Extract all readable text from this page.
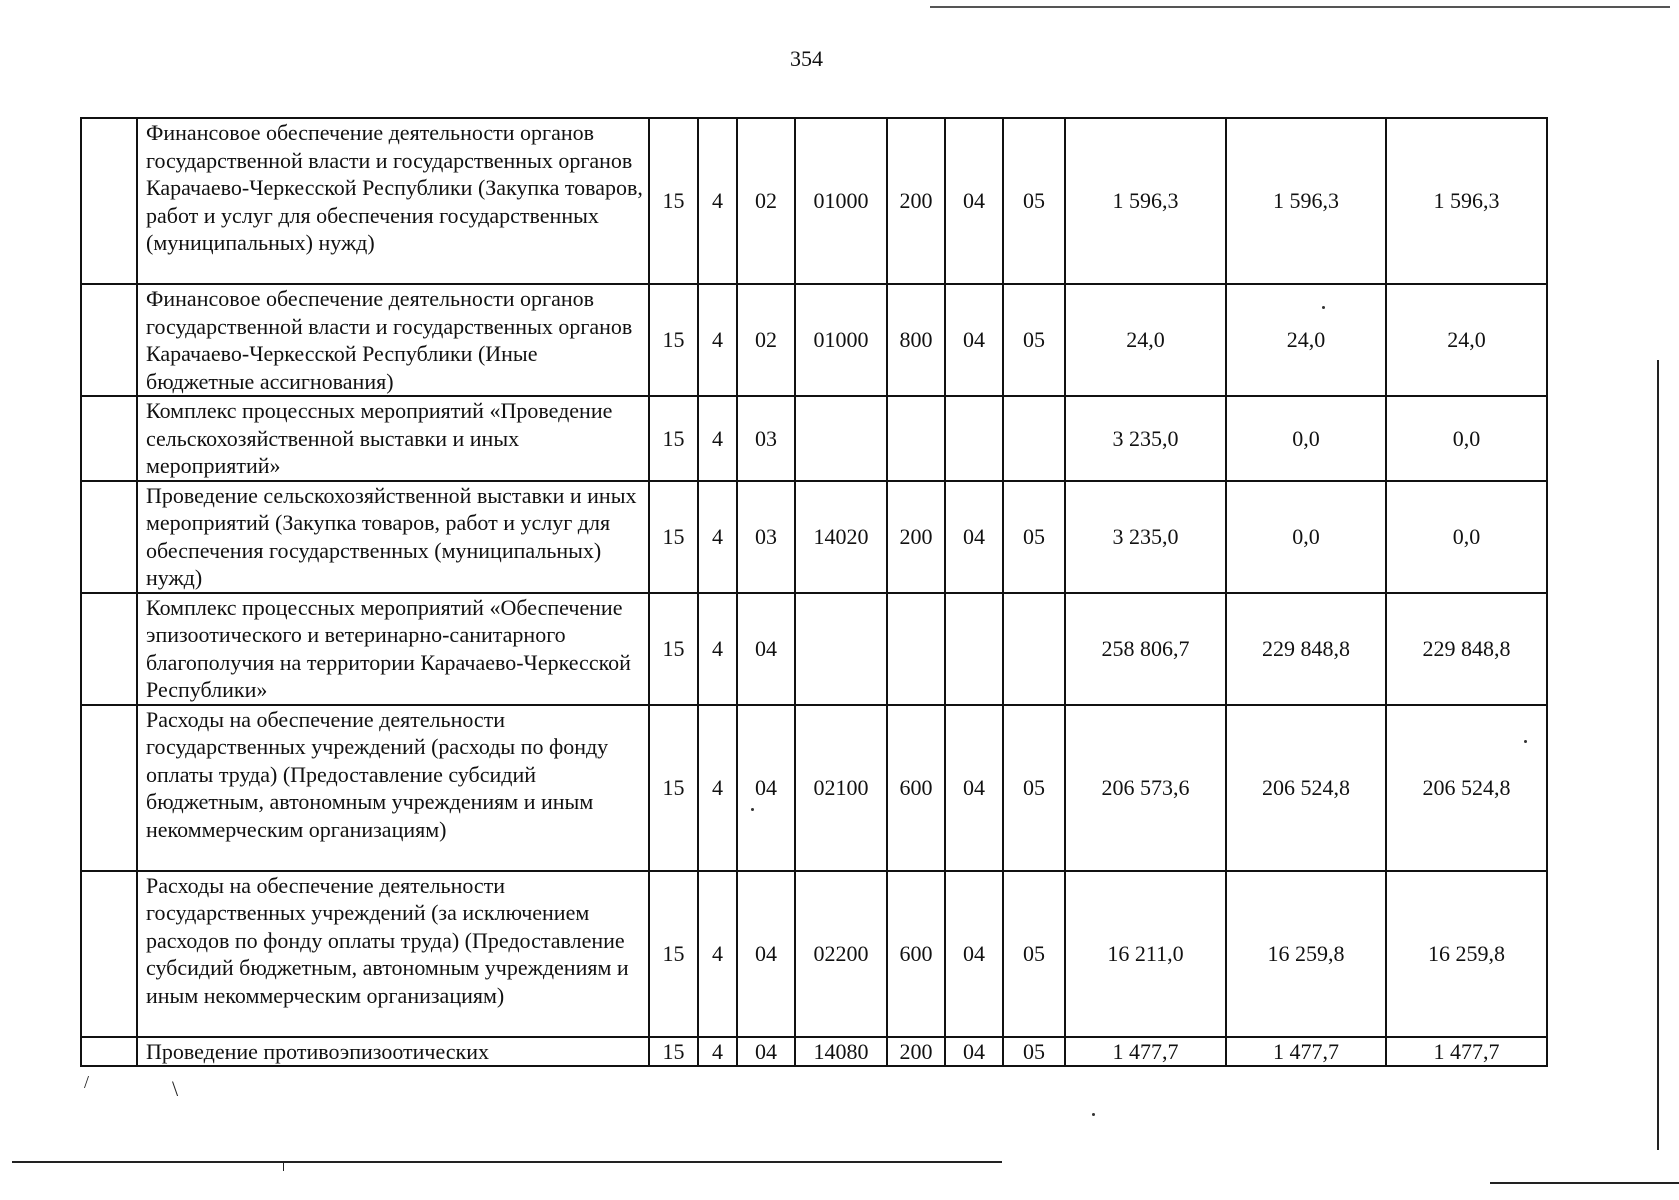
354
	Финансовое обеспечение деятельности органов государственной власти и государственных органов Карачаево-Черкесской Республики (Закупка товаров, работ и услуг для обеспечения государственных (муниципальных) нужд)	15	4	02	01000	200	04	05	1 596,3	1 596,3	1 596,3
	Финансовое обеспечение деятельности органов государственной власти и государственных органов Карачаево-Черкесской Республики (Иные бюджетные ассигнования)	15	4	02	01000	800	04	05	24,0	24,0	24,0
	Комплекс процессных мероприятий «Проведение сельскохозяйственной выставки и иных мероприятий»	15	4	03					3 235,0	0,0	0,0
	Проведение сельскохозяйственной выставки и иных мероприятий (Закупка товаров, работ и услуг для обеспечения государственных (муниципальных) нужд)	15	4	03	14020	200	04	05	3 235,0	0,0	0,0
	Комплекс процессных мероприятий «Обеспечение эпизоотического и ветеринарно-санитарного благополучия на территории Карачаево-Черкесской Республики»	15	4	04					258 806,7	229 848,8	229 848,8
	Расходы на обеспечение деятельности государственных учреждений (расходы по фонду оплаты труда) (Предоставление субсидий бюджетным, автономным учреждениям и иным некоммерческим организациям)	15	4	04	02100	600	04	05	206 573,6	206 524,8	206 524,8
	Расходы на обеспечение деятельности государственных учреждений (за исключением расходов по фонду оплаты труда) (Предоставление субсидий бюджетным, автономным учреждениям и иным некоммерческим организациям)	15	4	04	02200	600	04	05	16 211,0	16 259,8	16 259,8
	Проведение противоэпизоотических	15	4	04	14080	200	04	05	1 477,7	1 477,7	1 477,7
\
/
